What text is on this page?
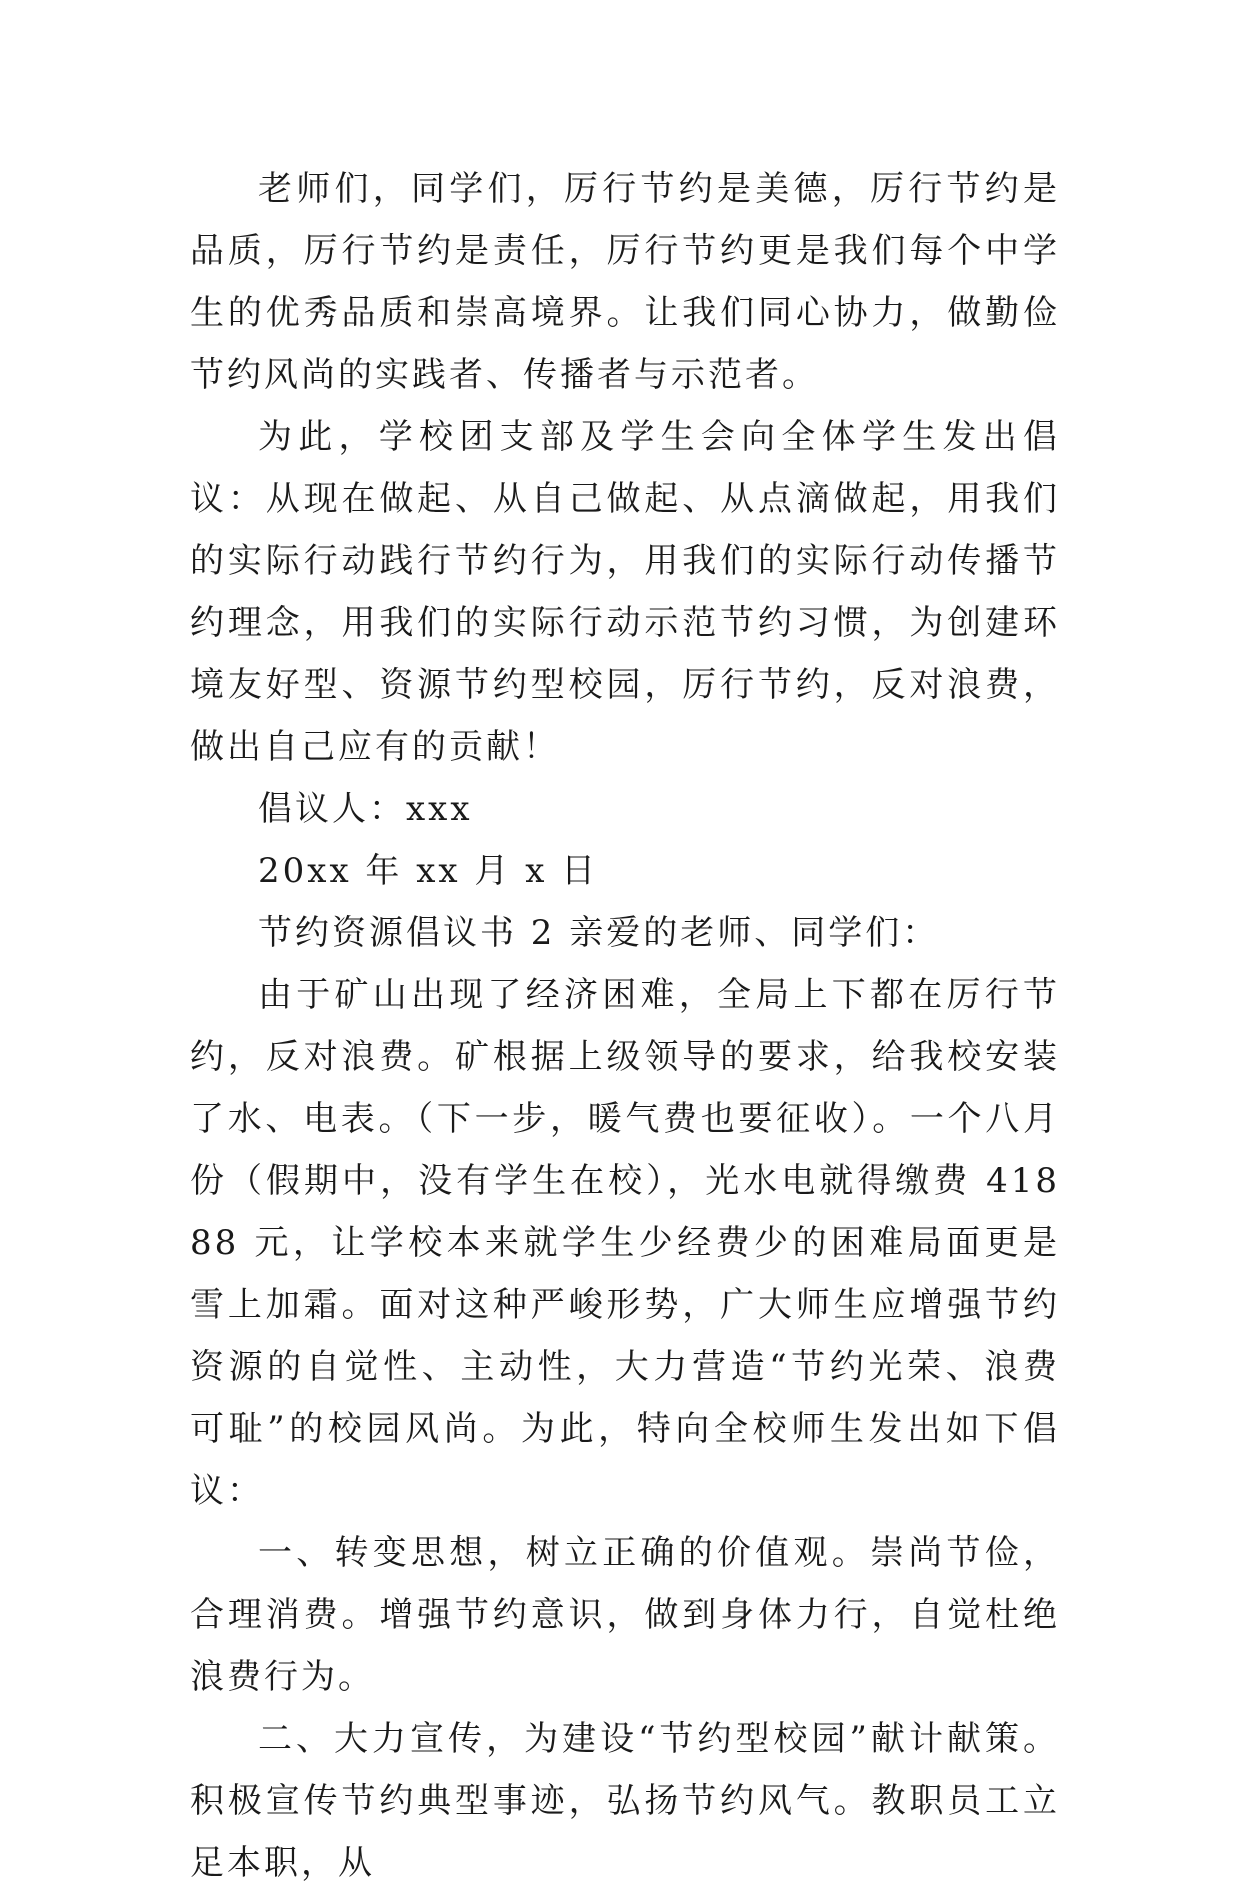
老师们，同学们，厉行节约是美德，厉行节约是品质，厉行节约是责任，厉行节约更是我们每个中学生的优秀品质和崇高境界。让我们同心协力，做勤俭节约风尚的实践者、传播者与示范者。

为此，学校团支部及学生会向全体学生发出倡议：从现在做起、从自己做起、从点滴做起，用我们的实际行动践行节约行为，用我们的实际行动传播节约理念，用我们的实际行动示范节约习惯，为创建环境友好型、资源节约型校园，厉行节约，反对浪费，做出自己应有的贡献！

倡议人：xxx

20xx 年 xx 月 x 日

节约资源倡议书 2 亲爱的老师、同学们：

由于矿山出现了经济困难，全局上下都在厉行节约，反对浪费。矿根据上级领导的要求，给我校安装了水、电表。（下一步，暖气费也要征收）。一个八月份（假期中，没有学生在校），光水电就得缴费 41888 元，让学校本来就学生少经费少的困难局面更是雪上加霜。面对这种严峻形势，广大师生应增强节约资源的自觉性、主动性，大力营造“节约光荣、浪费可耻”的校园风尚。为此，特向全校师生发出如下倡议：

一、转变思想，树立正确的价值观。崇尚节俭，合理消费。增强节约意识，做到身体力行，自觉杜绝浪费行为。

二、大力宣传，为建设“节约型校园”献计献策。积极宣传节约典型事迹，弘扬节约风气。教职员工立足本职，从
